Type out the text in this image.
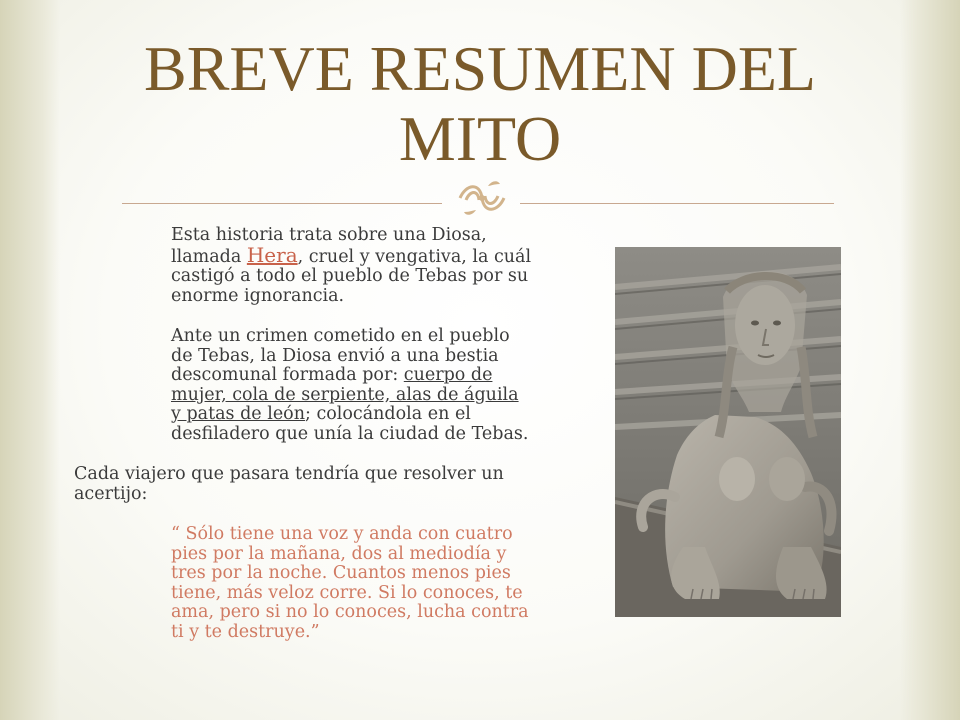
BREVE RESUMEN DEL MITO

Esta historia trata sobre una Diosa, llamada Hera, cruel y vengativa, la cuál castigó a todo el pueblo de Tebas por su enorme ignorancia.

Ante un crimen cometido en el pueblo de Tebas, la Diosa envió a una bestia descomunal formada por: cuerpo de mujer, cola de serpiente, alas de águila y patas de león; colocándola en el desfiladero que unía la ciudad de Tebas.

Cada viajero que pasara tendría que resolver un acertijo:

“ Sólo tiene una voz y anda con cuatro pies por la mañana, dos al mediodía y tres por la noche. Cuantos menos pies tiene, más veloz corre. Si lo conoces, te ama, pero si no lo conoces, lucha contra ti y te destruye.”
